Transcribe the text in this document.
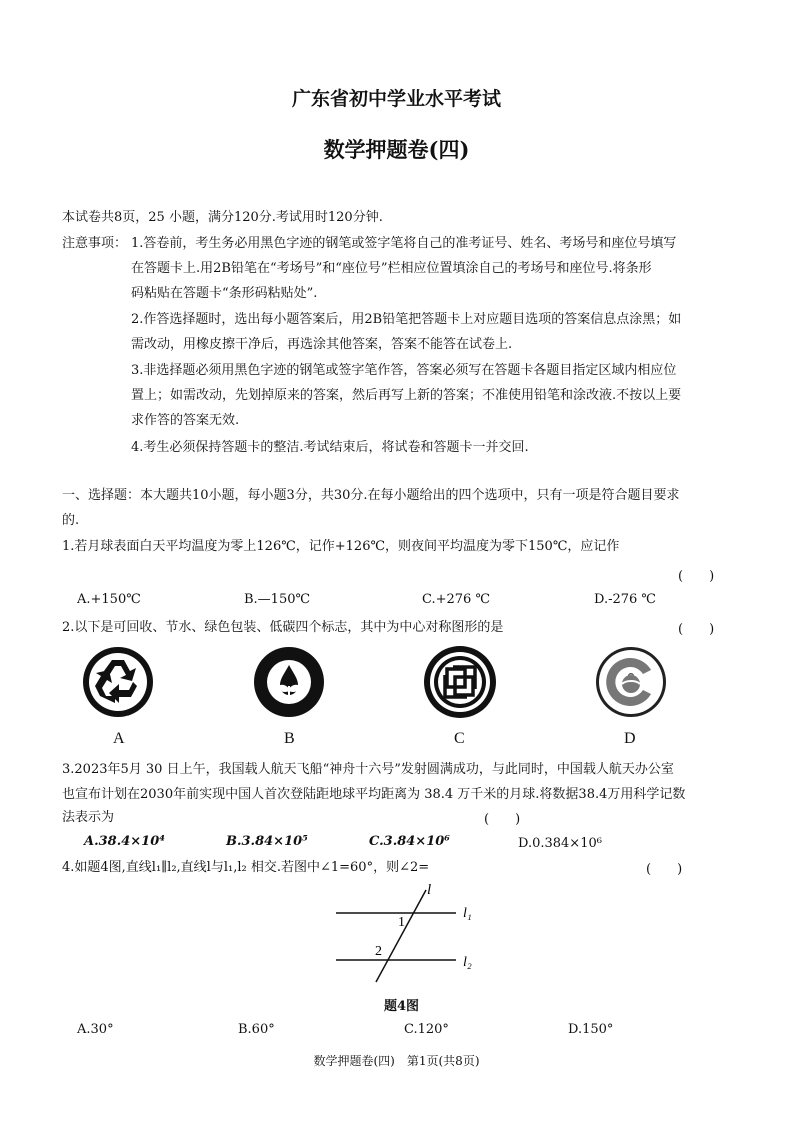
广东省初中学业水平考试
数学押题卷(四)
本试卷共8页，25 小题，满分120分.考试用时120分钟.
注意事项： 1.答卷前，考生务必用黑色字迹的钢笔或签字笔将自己的准考证号、姓名、考场号和座位号填写
在答题卡上.用2B铅笔在“考场号”和“座位号”栏相应位置填涂自己的考场号和座位号.将条形
码粘贴在答题卡“条形码粘贴处”.
2.作答选择题时，选出每小题答案后，用2B铅笔把答题卡上对应题目选项的答案信息点涂黑；如
需改动，用橡皮擦干净后，再选涂其他答案，答案不能答在试卷上.
3.非选择题必须用黑色字迹的钢笔或签字笔作答，答案必须写在答题卡各题目指定区域内相应位
置上；如需改动，先划掉原来的答案，然后再写上新的答案；不准使用铅笔和涂改液.不按以上要
求作答的答案无效.
4.考生必须保持答题卡的整洁.考试结束后，将试卷和答题卡一并交回.
一、选择题：本大题共10小题，每小题3分，共30分.在每小题给出的四个选项中，只有一项是符合题目要求
的.
1.若月球表面白天平均温度为零上126℃，记作+126℃，则夜间平均温度为零下150℃，应记作
(　　)
A.+150℃	B.—150℃	C.+276 ℃	D.-276 ℃
2.以下是可回收、节水、绿色包装、低碳四个标志，其中为中心对称图形的是	(　　)
A	B	C	D
3.2023年5月 30 日上午，我国载人航天飞船“神舟十六号”发射圆满成功，与此同时，中国载人航天办公室
也宣布计划在2030年前实现中国人首次登陆距地球平均距离为 38.4 万千米的月球.将数据38.4万用科学记数
法表示为	(　　)
A.38.4×10⁴	B.3.84×10⁵	C.3.84×10⁶	D.0.384×10⁶
4.如题4图,直线l₁∥l₂,直线l与l₁,l₂ 相交.若图中∠1=60°，则∠2=	(　　)
l
l₁
l₂
1
2
题4图
A.30°	B.60°	C.120°	D.150°
数学押题卷(四)　第1页(共8页)
